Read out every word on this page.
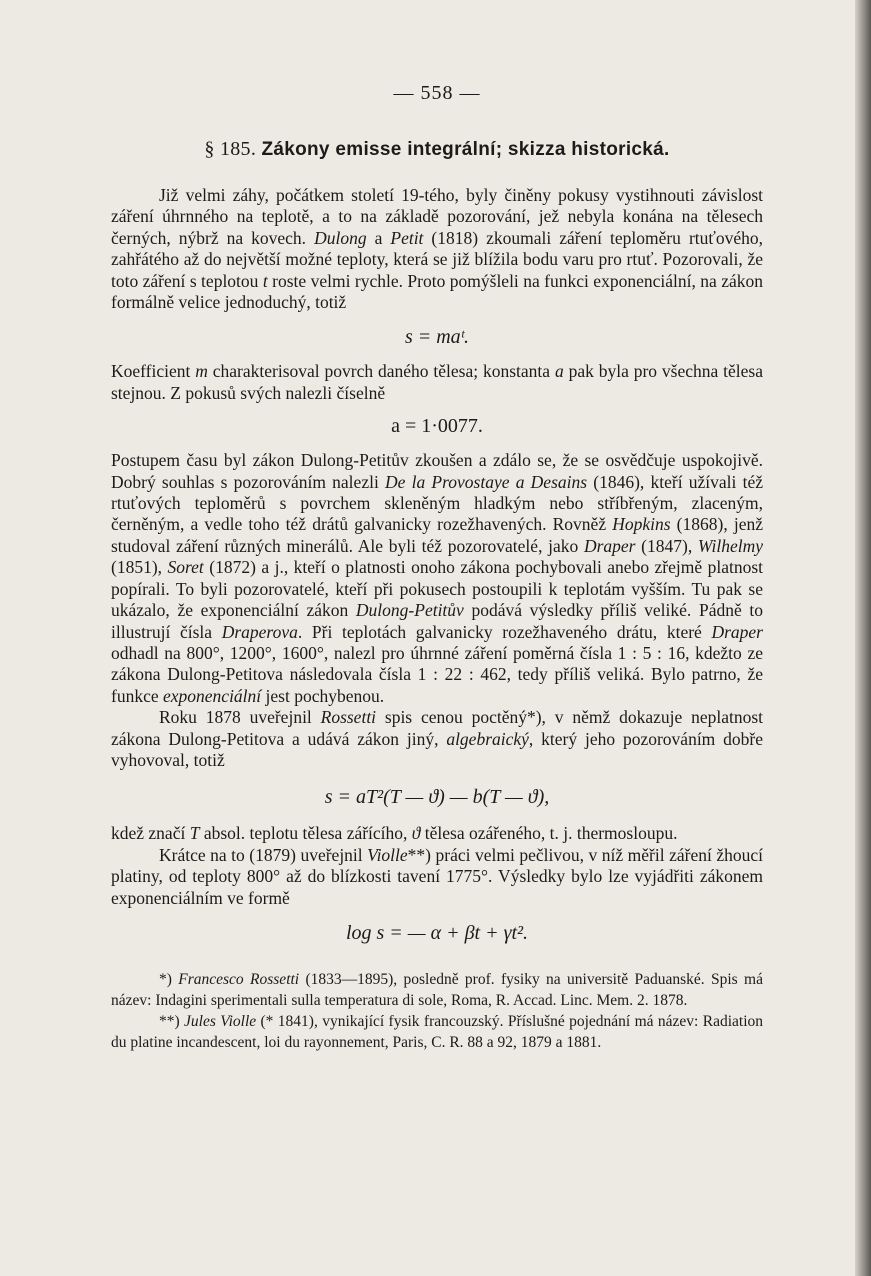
— 558 —
§ 185. Zákony emisse integrální; skizza historická.

Již velmi záhy, počátkem století 19-tého, byly činěny pokusy vystihnouti závislost záření úhrnného na teplotě, a to na základě pozorování, jež nebyla konána na tělesech černých, nýbrž na kovech. Dulong a Petit (1818) zkoumali záření teploměru rtuťového, zahřátého až do největší možné teploty, která se již blížila bodu varu pro rtuť. Pozorovali, že toto záření s teplotou t roste velmi rychle. Proto pomýšleli na funkci exponenciální, na zákon formálně velice jednoduchý, totiž

s = maᵗ.

Koefficient m charakterisoval povrch daného tělesa; konstanta a pak byla pro všechna tělesa stejnou. Z pokusů svých nalezli číselně

a = 1·0077.

Postupem času byl zákon Dulong-Petitův zkoušen a zdálo se, že se osvědčuje uspokojivě. Dobrý souhlas s pozorováním nalezli De la Provostaye a Desains (1846), kteří užívali též rtuťových teploměrů s povrchem skleněným hladkým nebo stříbřeným, zlaceným, černěným, a vedle toho též drátů galvanicky rozežhavených. Rovněž Hopkins (1868), jenž studoval záření různých minerálů. Ale byli též pozorovatelé, jako Draper (1847), Wilhelmy (1851), Soret (1872) a j., kteří o platnosti onoho zákona pochybovali anebo zřejmě platnost popírali. To byli pozorovatelé, kteří při pokusech postoupili k teplotám vyšším. Tu pak se ukázalo, že exponenciální zákon Dulong-Petitův podává výsledky příliš veliké. Pádně to illustrují čísla Draperova. Při teplotách galvanicky rozežhaveného drátu, které Draper odhadl na 800°, 1200°, 1600°, nalezl pro úhrnné záření poměrná čísla 1 : 5 : 16, kdežto ze zákona Dulong-Petitova následovala čísla 1 : 22 : 462, tedy příliš veliká. Bylo patrno, že funkce exponenciální jest pochybenou.

Roku 1878 uveřejnil Rossetti spis cenou poctěný*), v němž dokazuje neplatnost zákona Dulong-Petitova a udává zákon jiný, algebraický, který jeho pozorováním dobře vyhovoval, totiž

s = aT²(T — ϑ) — b(T — ϑ),

kdež značí T absol. teplotu tělesa zářícího, ϑ tělesa ozářeného, t. j. thermosloupu.

Krátce na to (1879) uveřejnil Violle**) práci velmi pečlivou, v níž měřil záření žhoucí platiny, od teploty 800° až do blízkosti tavení 1775°. Výsledky bylo lze vyjádřiti zákonem exponenciálním ve formě

log s = — α + βt + γt².

*) Francesco Rossetti (1833—1895), posledně prof. fysiky na universitě Paduanské. Spis má název: Indagini sperimentali sulla temperatura di sole, Roma, R. Accad. Linc. Mem. 2. 1878.

**) Jules Violle (* 1841), vynikající fysik francouzský. Příslušné pojednání má název: Radiation du platine incandescent, loi du rayonnement, Paris, C. R. 88 a 92, 1879 a 1881.
